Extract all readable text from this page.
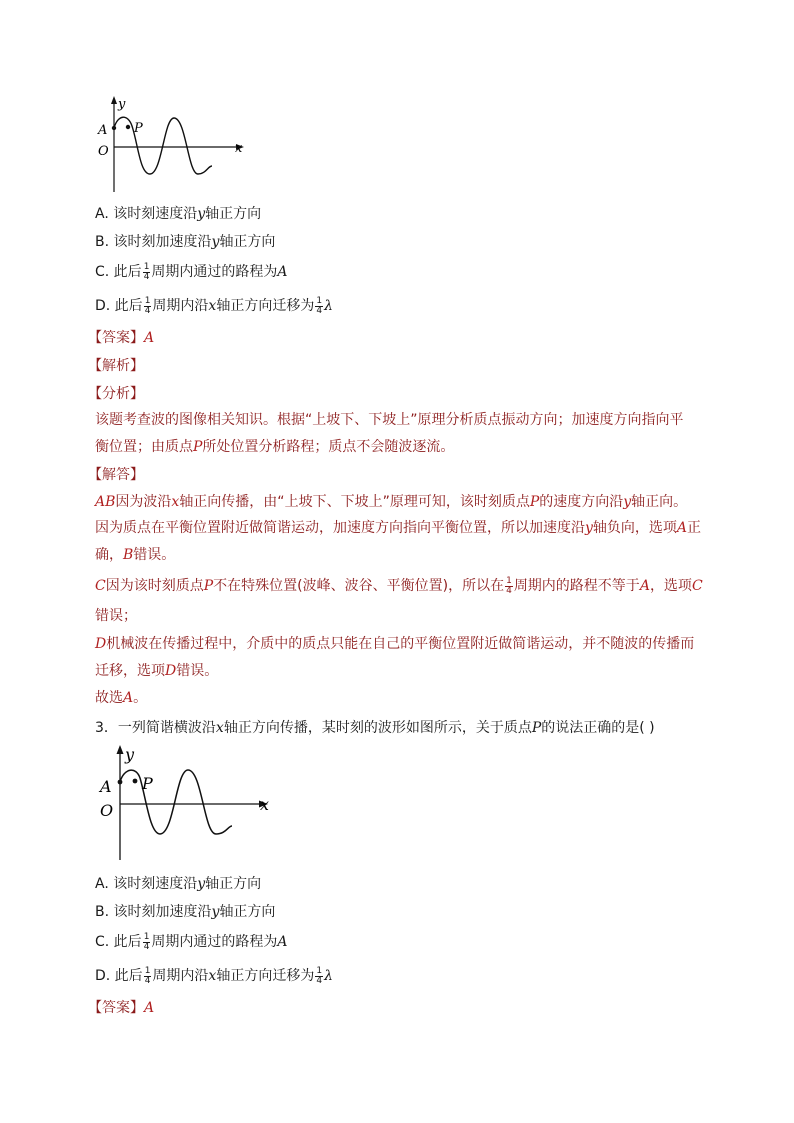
y
x
A P
O
A. 该时刻速度沿y轴正方向
B. 该时刻加速度沿y轴正方向
C. 此后 $\frac{1}{4}$ 周期内通过的路程为A
D. 此后 $\frac{1}{4}$ 周期内沿x轴正方向迁移为 $\frac{1}{4}$ λ
【答案】A
【解析】
【分析】
该题考查波的图像相关知识。根据“上坡下、下坡上”原理分析质点振动方向；加速度方向指向平
衡位置；由质点P所处位置分析路程；质点不会随波逐流。
【解答】
AB因为波沿x轴正向传播，由“上坡下、下坡上”原理可知，该时刻质点P的速度方向沿y轴正向。
因为质点在平衡位置附近做简谐运动，加速度方向指向平衡位置，所以加速度沿y轴负向，选项A正
确，B错误。
C因为该时刻质点P不在特殊位置(波峰、波谷、平衡位置)，所以在 $\frac{1}{4}$ 周期内的路程不等于A，选项C
错误；
D机械波在传播过程中，介质中的质点只能在自己的平衡位置附近做简谐运动，并不随波的传播而
迁移，选项D错误。
故选A。
3．一列简谐横波沿x轴正方向传播，某时刻的波形如图所示，关于质点P的说法正确的是( )
y
x
A P
O
A. 该时刻速度沿y轴正方向
B. 该时刻加速度沿y轴正方向
C. 此后 $\frac{1}{4}$ 周期内通过的路程为A
D. 此后 $\frac{1}{4}$ 周期内沿x轴正方向迁移为 $\frac{1}{4}$ λ
【答案】A
